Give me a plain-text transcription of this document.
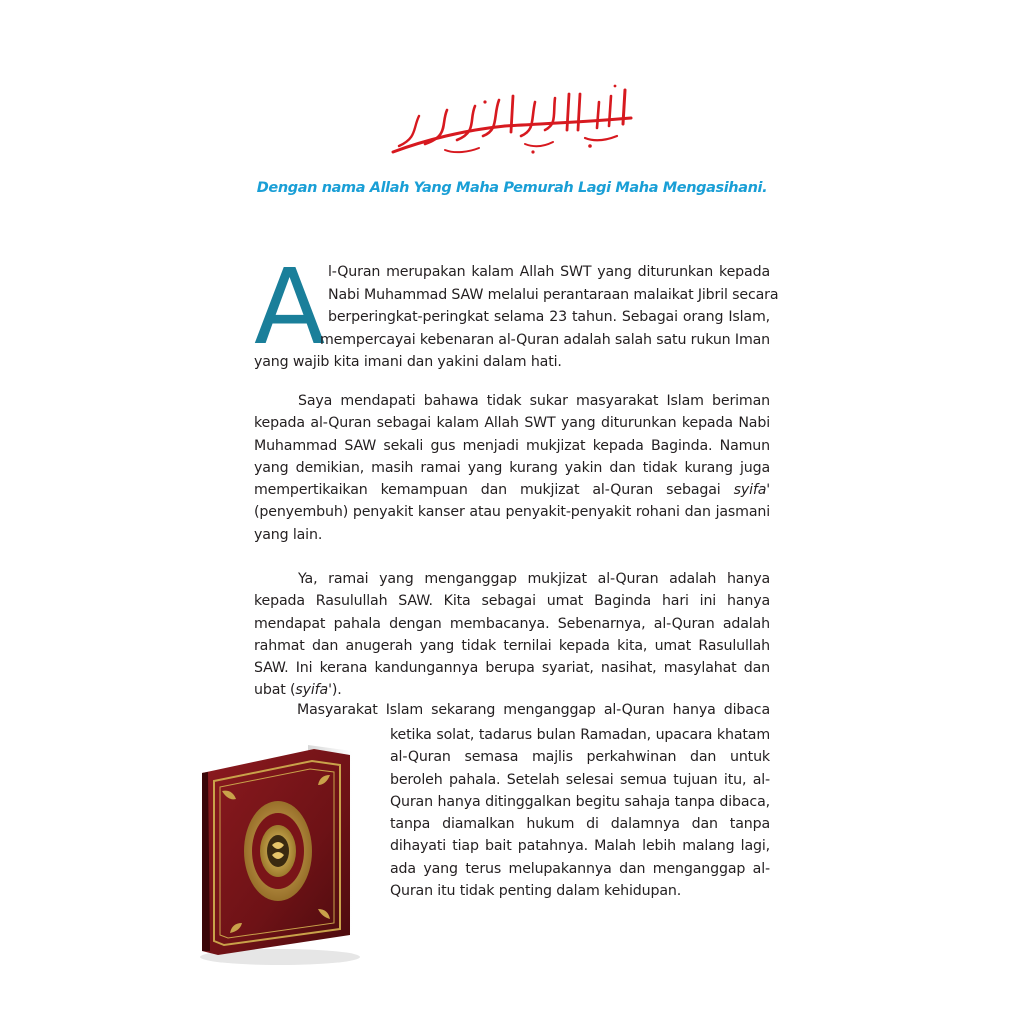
Dengan nama Allah Yang Maha Pemurah Lagi Maha Mengasihani.
A l-Quran merupakan kalam Allah SWT yang diturunkan kepada
Nabi Muhammad SAW melalui perantaraan malaikat Jibril secara
berperingkat-peringkat selama 23 tahun. Sebagai orang Islam,
mempercayai kebenaran al-Quran adalah salah satu rukun Iman
yang wajib kita imani dan yakini dalam hati.
Saya mendapati bahawa tidak sukar masyarakat Islam beriman kepada al-Quran sebagai kalam Allah SWT yang diturunkan kepada Nabi Muhammad SAW sekali gus menjadi mukjizat kepada Baginda. Namun yang demikian, masih ramai yang kurang yakin dan tidak kurang juga mempertikaikan kemampuan dan mukjizat al-Quran sebagai syifa' (penyembuh) penyakit kanser atau penyakit-penyakit rohani dan jasmani yang lain.
Ya, ramai yang menganggap mukjizat al-Quran adalah hanya kepada Rasulullah SAW. Kita sebagai umat Baginda hari ini hanya mendapat pahala dengan membacanya. Sebenarnya, al-Quran adalah rahmat dan anugerah yang tidak ternilai kepada kita, umat Rasulullah SAW. Ini kerana kandungannya berupa syariat, nasihat, masylahat dan ubat (syifa').
Masyarakat Islam sekarang menganggap al-Quran hanya dibaca
ketika solat, tadarus bulan Ramadan, upacara khatam al-Quran semasa majlis perkahwinan dan untuk beroleh pahala. Setelah selesai semua tujuan itu, al-Quran hanya ditinggalkan begitu sahaja tanpa dibaca, tanpa diamalkan hukum di dalamnya dan tanpa dihayati tiap bait patahnya. Malah lebih malang lagi, ada yang terus melupakannya dan menganggap al-Quran itu tidak penting dalam kehidupan.
